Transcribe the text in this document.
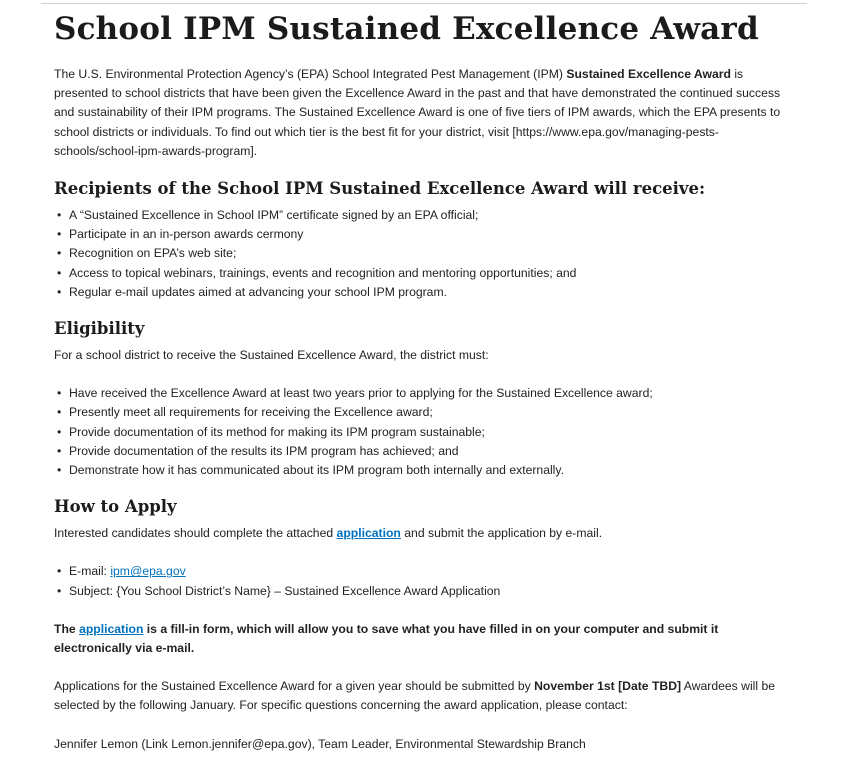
School IPM Sustained Excellence Award

The U.S. Environmental Protection Agency’s (EPA) School Integrated Pest Management (IPM) Sustained Excellence Award is presented to school districts that have been given the Excellence Award in the past and that have demonstrated the continued success and sustainability of their IPM programs. The Sustained Excellence Award is one of five tiers of IPM awards, which the EPA presents to school districts or individuals. To find out which tier is the best fit for your district, visit [https://www.epa.gov/managing-pests-schools/school-ipm-awards-program].

Recipients of the School IPM Sustained Excellence Award will receive:
• A “Sustained Excellence in School IPM” certificate signed by an EPA official;
• Participate in an in-person awards cermony
• Recognition on EPA’s web site;
• Access to topical webinars, trainings, events and recognition and mentoring opportunities; and
• Regular e-mail updates aimed at advancing your school IPM program.
Eligibility

For a school district to receive the Sustained Excellence Award, the district must:

• Have received the Excellence Award at least two years prior to applying for the Sustained Excellence award;
• Presently meet all requirements for receiving the Excellence award;
• Provide documentation of its method for making its IPM program sustainable;
• Provide documentation of the results its IPM program has achieved; and
• Demonstrate how it has communicated about its IPM program both internally and externally.
How to Apply

Interested candidates should complete the attached application and submit the application by e-mail.

• E-mail: ipm@epa.gov
• Subject: {You School District’s Name} – Sustained Excellence Award Application

The application is a fill-in form, which will allow you to save what you have filled in on your computer and submit it electronically via e-mail.

Applications for the Sustained Excellence Award for a given year should be submitted by November 1st [Date TBD] Awardees will be selected by the following January. For specific questions concerning the award application, please contact:

Jennifer Lemon (Link Lemon.jennifer@epa.gov), Team Leader, Environmental Stewardship Branch
